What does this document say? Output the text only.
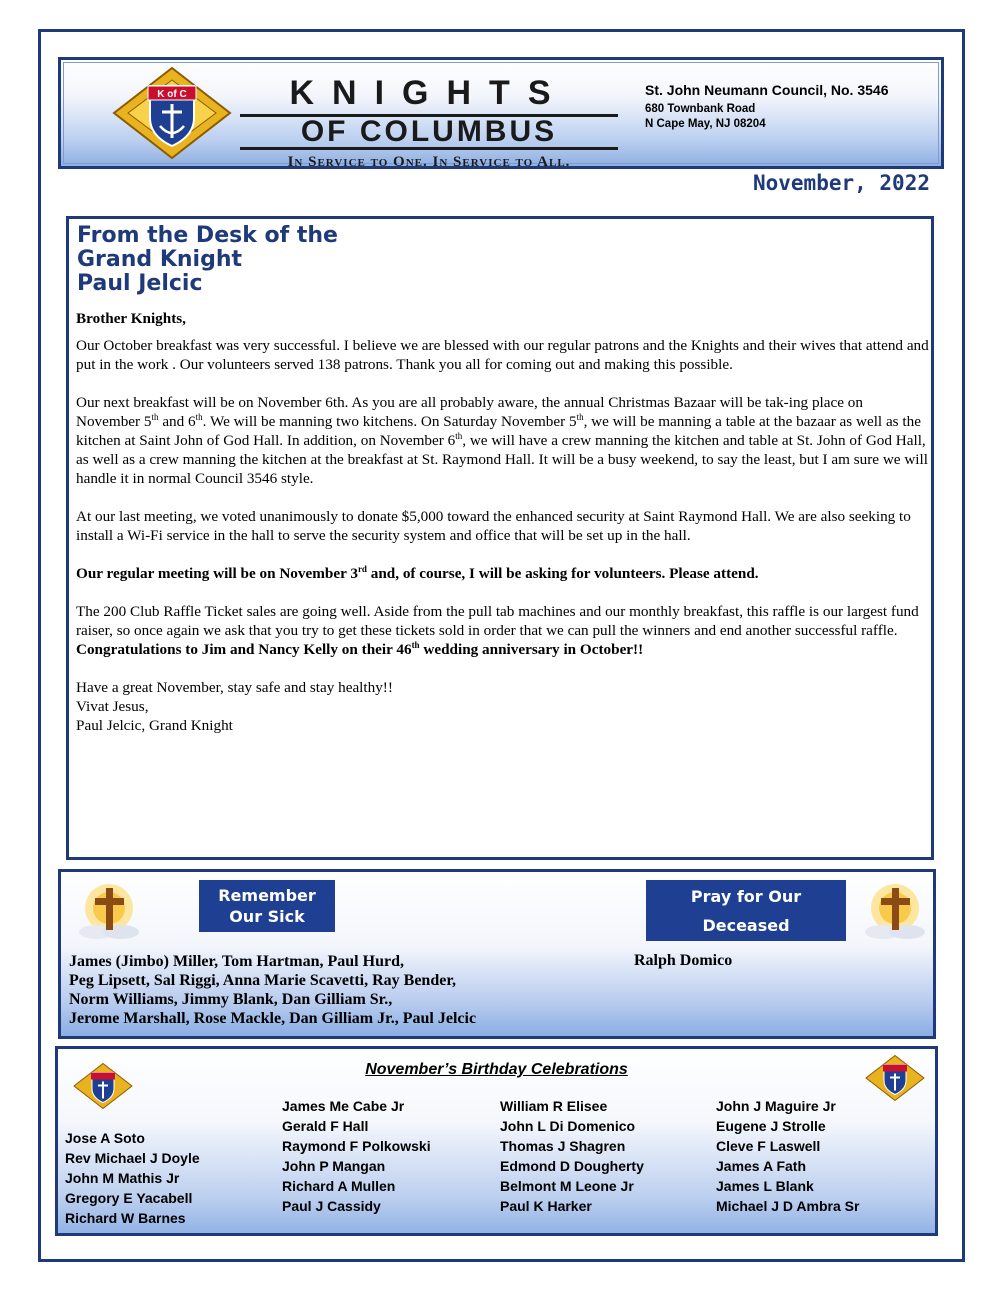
K of C	KNIGHTS
OF COLUMBUS
In Service to One. In Service to All.
St. John Neumann Council, No. 3546
680 Townbank Road
N Cape May, NJ 08204
November, 2022
From the Desk of the
Grand Knight
Paul Jelcic

Brother Knights,

Our October breakfast was very successful. I believe we are blessed with our regular patrons and the Knights and their wives that attend and put in the work . Our volunteers served 138 patrons. Thank you all for coming out and making this possible.

Our next breakfast will be on November 6th. As you are all probably aware, the annual Christmas Bazaar will be tak-ing place on November 5th and 6th. We will be manning two kitchens. On Saturday November 5th, we will be manning a table at the bazaar as well as the kitchen at Saint John of God Hall. In addition, on November 6th, we will have a crew manning the kitchen and table at St. John of God Hall, as well as a crew manning the kitchen at the breakfast at St. Raymond Hall. It will be a busy weekend, to say the least, but I am sure we will handle it in normal Council 3546 style.

At our last meeting, we voted unanimously to donate $5,000 toward the enhanced security at Saint Raymond Hall. We are also seeking to install a Wi-Fi service in the hall to serve the security system and office that will be set up in the hall.

Our regular meeting will be on November 3rd and, of course, I will be asking for volunteers. Please attend.

The 200 Club Raffle Ticket sales are going well. Aside from the pull tab machines and our monthly breakfast, this raffle is our largest fund raiser, so once again we ask that you try to get these tickets sold in order that we can pull the winners and end another successful raffle.

Congratulations to Jim and Nancy Kelly on their 46th wedding anniversary in October!!

Have a great November, stay safe and stay healthy!!

Vivat Jesus,

Paul Jelcic, Grand Knight

Remember
Our Sick
Pray for Our
Deceased
James (Jimbo) Miller, Tom Hartman, Paul Hurd,
Peg Lipsett, Sal Riggi, Anna Marie Scavetti, Ray Bender,
Norm Williams, Jimmy Blank, Dan Gilliam Sr.,
Jerome Marshall, Rose Mackle, Dan Gilliam Jr., Paul Jelcic
Ralph Domico
November’s Birthday Celebrations
Jose A Soto
Rev Michael J Doyle
John M Mathis Jr
Gregory E Yacabell
Richard W Barnes
James Me Cabe Jr
Gerald F Hall
Raymond F Polkowski
John P Mangan
Richard A Mullen
Paul J Cassidy
William R Elisee
John L Di Domenico
Thomas J Shagren
Edmond D Dougherty
Belmont M Leone Jr
Paul K Harker
John J Maguire Jr
Eugene J Strolle
Cleve F Laswell
James A Fath
James L Blank
Michael J D Ambra Sr
